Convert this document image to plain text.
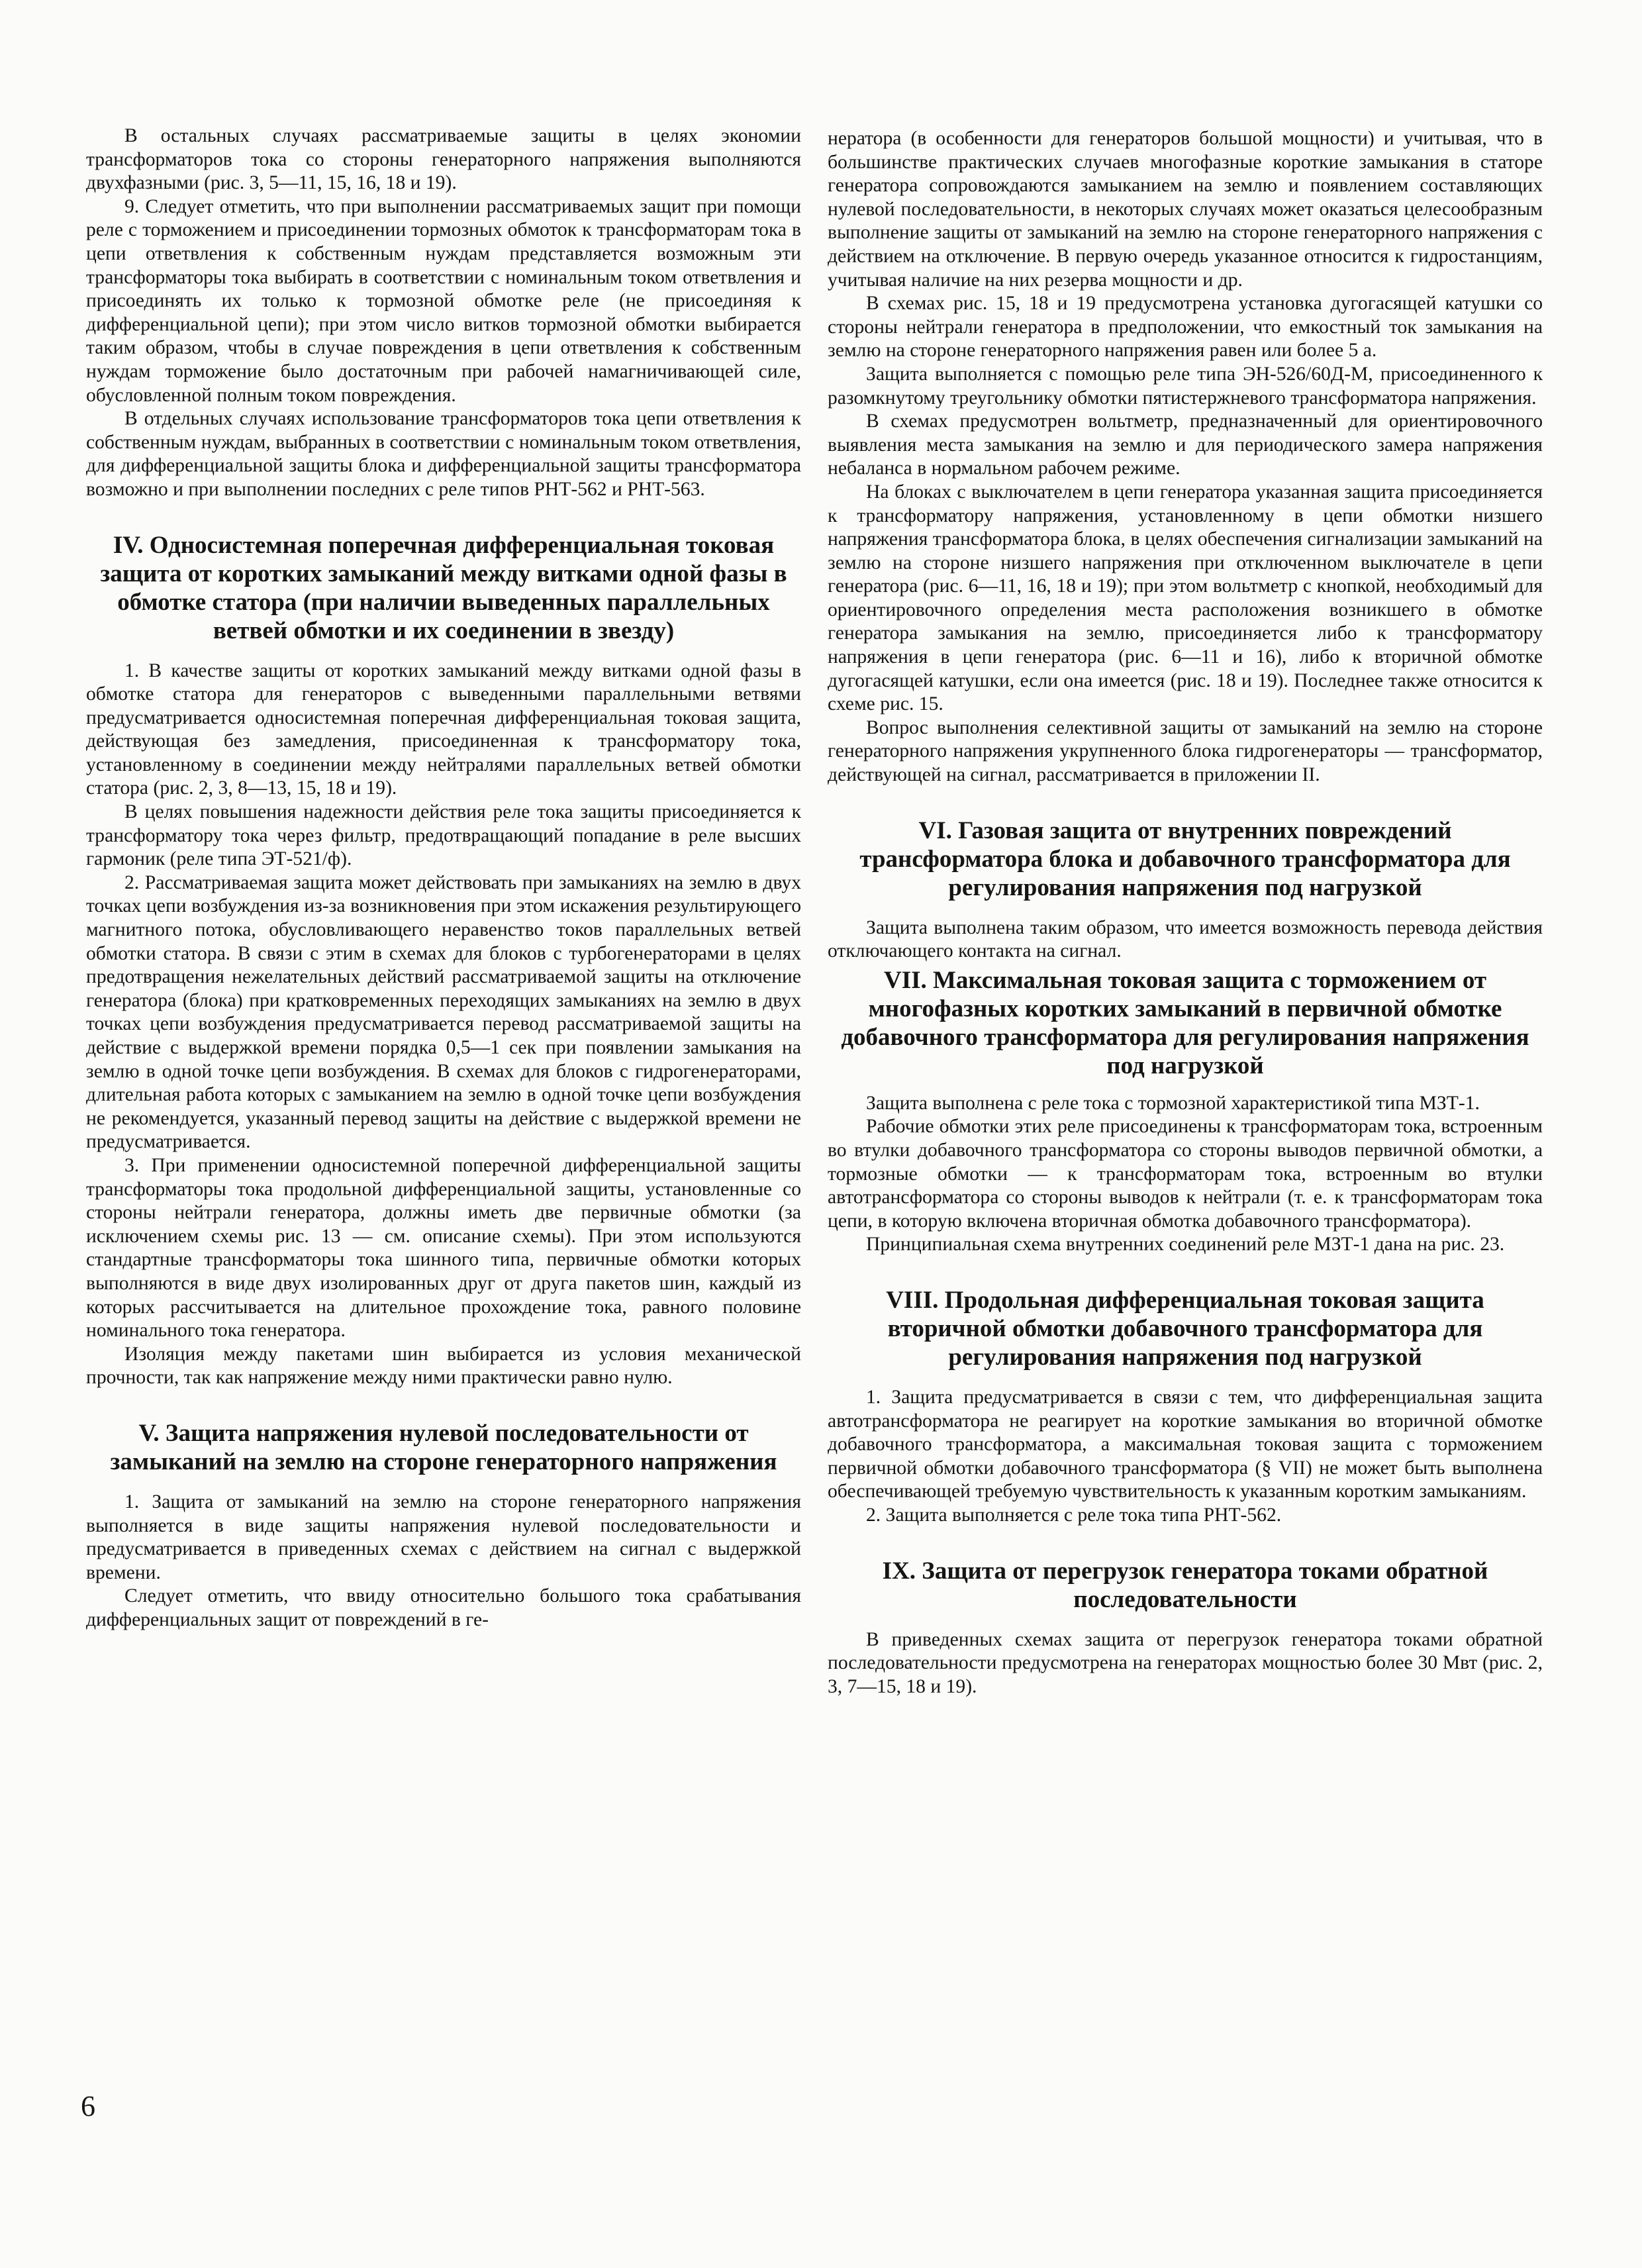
В остальных случаях рассматриваемые защиты в целях экономии трансформаторов тока со стороны генераторного напряжения выполняются двухфазными (рис. 3, 5—11, 15, 16, 18 и 19).

9. Следует отметить, что при выполнении рассматриваемых защит при помощи реле с торможением и присоединении тормозных обмоток к трансформаторам тока в цепи ответвления к собственным нуждам представляется возможным эти трансформаторы тока выбирать в соответствии с номинальным током ответвления и присоединять их только к тормозной обмотке реле (не присоединяя к дифференциальной цепи); при этом число витков тормозной обмотки выбирается таким образом, чтобы в случае повреждения в цепи ответвления к собственным нуждам торможение было достаточным при рабочей намагничивающей силе, обусловленной полным током повреждения.

В отдельных случаях использование трансформаторов тока цепи ответвления к собственным нуждам, выбранных в соответствии с номинальным током ответвления, для дифференциальной защиты блока и дифференциальной защиты трансформатора возможно и при выполнении последних с реле типов РНТ-562 и РНТ-563.

IV. Односистемная поперечная дифференциальная токовая защита от коротких замыканий между витками одной фазы в обмотке статора (при наличии выведенных параллельных ветвей обмотки и их соединении в звезду)

1. В качестве защиты от коротких замыканий между витками одной фазы в обмотке статора для генераторов с выведенными параллельными ветвями предусматривается односистемная поперечная дифференциальная токовая защита, действующая без замедления, присоединенная к трансформатору тока, установленному в соединении между нейтралями параллельных ветвей обмотки статора (рис. 2, 3, 8—13, 15, 18 и 19).

В целях повышения надежности действия реле тока защиты присоединяется к трансформатору тока через фильтр, предотвращающий попадание в реле высших гармоник (реле типа ЭТ-521/ф).

2. Рассматриваемая защита может действовать при замыканиях на землю в двух точках цепи возбуждения из-за возникновения при этом искажения результирующего магнитного потока, обусловливающего неравенство токов параллельных ветвей обмотки статора. В связи с этим в схемах для блоков с турбогенераторами в целях предотвращения нежелательных действий рассматриваемой защиты на отключение генератора (блока) при кратковременных переходящих замыканиях на землю в двух точках цепи возбуждения предусматривается перевод рассматриваемой защиты на действие с выдержкой времени порядка 0,5—1 сек при появлении замыкания на землю в одной точке цепи возбуждения. В схемах для блоков с гидрогенераторами, длительная работа которых с замыканием на землю в одной точке цепи возбуждения не рекомендуется, указанный перевод защиты на действие с выдержкой времени не предусматривается.

3. При применении односистемной поперечной дифференциальной защиты трансформаторы тока продольной дифференциальной защиты, установленные со стороны нейтрали генератора, должны иметь две первичные обмотки (за исключением схемы рис. 13 — см. описание схемы). При этом используются стандартные трансформаторы тока шинного типа, первичные обмотки которых выполняются в виде двух изолированных друг от друга пакетов шин, каждый из которых рассчитывается на длительное прохождение тока, равного половине номинального тока генератора.

Изоляция между пакетами шин выбирается из условия механической прочности, так как напряжение между ними практически равно нулю.

V. Защита напряжения нулевой последовательности от замыканий на землю на стороне генераторного напряжения

1. Защита от замыканий на землю на стороне генераторного напряжения выполняется в виде защиты напряжения нулевой последовательности и предусматривается в приведенных схемах с действием на сигнал с выдержкой времени.

Следует отметить, что ввиду относительно большого тока срабатывания дифференциальных защит от повреждений в ге-

нератора (в особенности для генераторов большой мощности) и учитывая, что в большинстве практических случаев многофазные короткие замыкания в статоре генератора сопровождаются замыканием на землю и появлением составляющих нулевой последовательности, в некоторых случаях может оказаться целесообразным выполнение защиты от замыканий на землю на стороне генераторного напряжения с действием на отключение. В первую очередь указанное относится к гидростанциям, учитывая наличие на них резерва мощности и др.

В схемах рис. 15, 18 и 19 предусмотрена установка дугогасящей катушки со стороны нейтрали генератора в предположении, что емкостный ток замыкания на землю на стороне генераторного напряжения равен или более 5 а.

Защита выполняется с помощью реле типа ЭН-526/60Д-М, присоединенного к разомкнутому треугольнику обмотки пятистержневого трансформатора напряжения.

В схемах предусмотрен вольтметр, предназначенный для ориентировочного выявления места замыкания на землю и для периодического замера напряжения небаланса в нормальном рабочем режиме.

На блоках с выключателем в цепи генератора указанная защита присоединяется к трансформатору напряжения, установленному в цепи обмотки низшего напряжения трансформатора блока, в целях обеспечения сигнализации замыканий на землю на стороне низшего напряжения при отключенном выключателе в цепи генератора (рис. 6—11, 16, 18 и 19); при этом вольтметр с кнопкой, необходимый для ориентировочного определения места расположения возникшего в обмотке генератора замыкания на землю, присоединяется либо к трансформатору напряжения в цепи генератора (рис. 6—11 и 16), либо к вторичной обмотке дугогасящей катушки, если она имеется (рис. 18 и 19). Последнее также относится к схеме рис. 15.

Вопрос выполнения селективной защиты от замыканий на землю на стороне генераторного напряжения укрупненного блока гидрогенераторы — трансформатор, действующей на сигнал, рассматривается в приложении II.

VI. Газовая защита от внутренних повреждений трансформатора блока и добавочного трансформатора для регулирования напряжения под нагрузкой

Защита выполнена таким образом, что имеется возможность перевода действия отключающего контакта на сигнал.

VII. Максимальная токовая защита с торможением от многофазных коротких замыканий в первичной обмотке добавочного трансформатора для регулирования напряжения под нагрузкой

Защита выполнена с реле тока с тормозной характеристикой типа МЗТ-1.

Рабочие обмотки этих реле присоединены к трансформаторам тока, встроенным во втулки добавочного трансформатора со стороны выводов первичной обмотки, а тормозные обмотки — к трансформаторам тока, встроенным во втулки автотрансформатора со стороны выводов к нейтрали (т. е. к трансформаторам тока цепи, в которую включена вторичная обмотка добавочного трансформатора).

Принципиальная схема внутренних соединений реле МЗТ-1 дана на рис. 23.

VIII. Продольная дифференциальная токовая защита вторичной обмотки добавочного трансформатора для регулирования напряжения под нагрузкой

1. Защита предусматривается в связи с тем, что дифференциальная защита автотрансформатора не реагирует на короткие замыкания во вторичной обмотке добавочного трансформатора, а максимальная токовая защита с торможением первичной обмотки добавочного трансформатора (§ VII) не может быть выполнена обеспечивающей требуемую чувствительность к указанным коротким замыканиям.

2. Защита выполняется с реле тока типа РНТ-562.

IX. Защита от перегрузок генератора токами обратной последовательности

В приведенных схемах защита от перегрузок генератора токами обратной последовательности предусмотрена на генераторах мощностью более 30 Мвт (рис. 2, 3, 7—15, 18 и 19).

6
